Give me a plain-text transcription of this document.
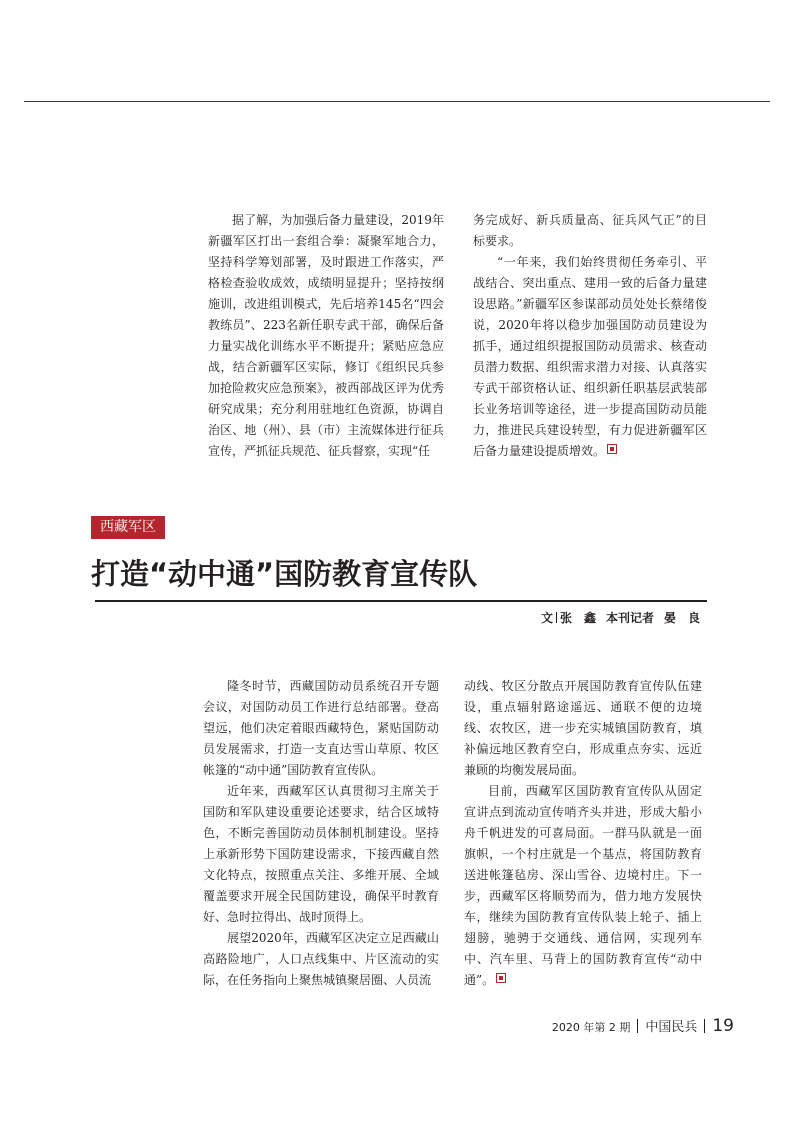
据了解，为加强后备力量建设，2019年新疆军区打出一套组合拳：凝聚军地合力，坚持科学筹划部署，及时跟进工作落实，严格检查验收成效，成绩明显提升；坚持按纲施训，改进组训模式，先后培养145名“四会教练员”、223名新任职专武干部，确保后备力量实战化训练水平不断提升；紧贴应急应战，结合新疆军区实际，修订《组织民兵参加抢险救灾应急预案》，被西部战区评为优秀研究成果；充分利用驻地红色资源，协调自治区、地（州）、县（市）主流媒体进行征兵宣传，严抓征兵规范、征兵督察，实现“任

务完成好、新兵质量高、征兵风气正”的目标要求。

“一年来，我们始终贯彻任务牵引、平战结合、突出重点、建用一致的后备力量建设思路。”新疆军区参谋部动员处处长蔡绪俊说，2020年将以稳步加强国防动员建设为抓手，通过组织提报国防动员需求、核查动员潜力数据、组织需求潜力对接、认真落实专武干部资格认证、组织新任职基层武装部长业务培训等途径，进一步提高国防动员能力，推进民兵建设转型，有力促进新疆军区后备力量建设提质增效。

西藏军区
打造“动中通”国防教育宣传队
文 张　鑫 本刊记者 晏　良

隆冬时节，西藏国防动员系统召开专题会议，对国防动员工作进行总结部署。登高望远，他们决定着眼西藏特色，紧贴国防动员发展需求，打造一支直达雪山草原、牧区帐篷的“动中通”国防教育宣传队。

近年来，西藏军区认真贯彻习主席关于国防和军队建设重要论述要求，结合区域特色，不断完善国防动员体制机制建设。坚持上承新形势下国防建设需求，下接西藏自然文化特点，按照重点关注、多维开展、全域覆盖要求开展全民国防建设，确保平时教育好、急时拉得出、战时顶得上。

展望2020年，西藏军区决定立足西藏山高路险地广，人口点线集中、片区流动的实际，在任务指向上聚焦城镇聚居圈、人员流

动线、牧区分散点开展国防教育宣传队伍建设，重点辐射路途遥远、通联不便的边境线、农牧区，进一步充实城镇国防教育，填补偏远地区教育空白，形成重点夯实、远近兼顾的均衡发展局面。

目前，西藏军区国防教育宣传队从固定宣讲点到流动宣传哨齐头并进，形成大船小舟千帆进发的可喜局面。一群马队就是一面旗帜，一个村庄就是一个基点，将国防教育送进帐篷毡房、深山雪谷、边境村庄。下一步，西藏军区将顺势而为，借力地方发展快车，继续为国防教育宣传队装上轮子、插上翅膀，驰骋于交通线、通信网，实现列车中、汽车里、马背上的国防教育宣传“动中通”。

2020 年第 2 期 中国民兵 19
